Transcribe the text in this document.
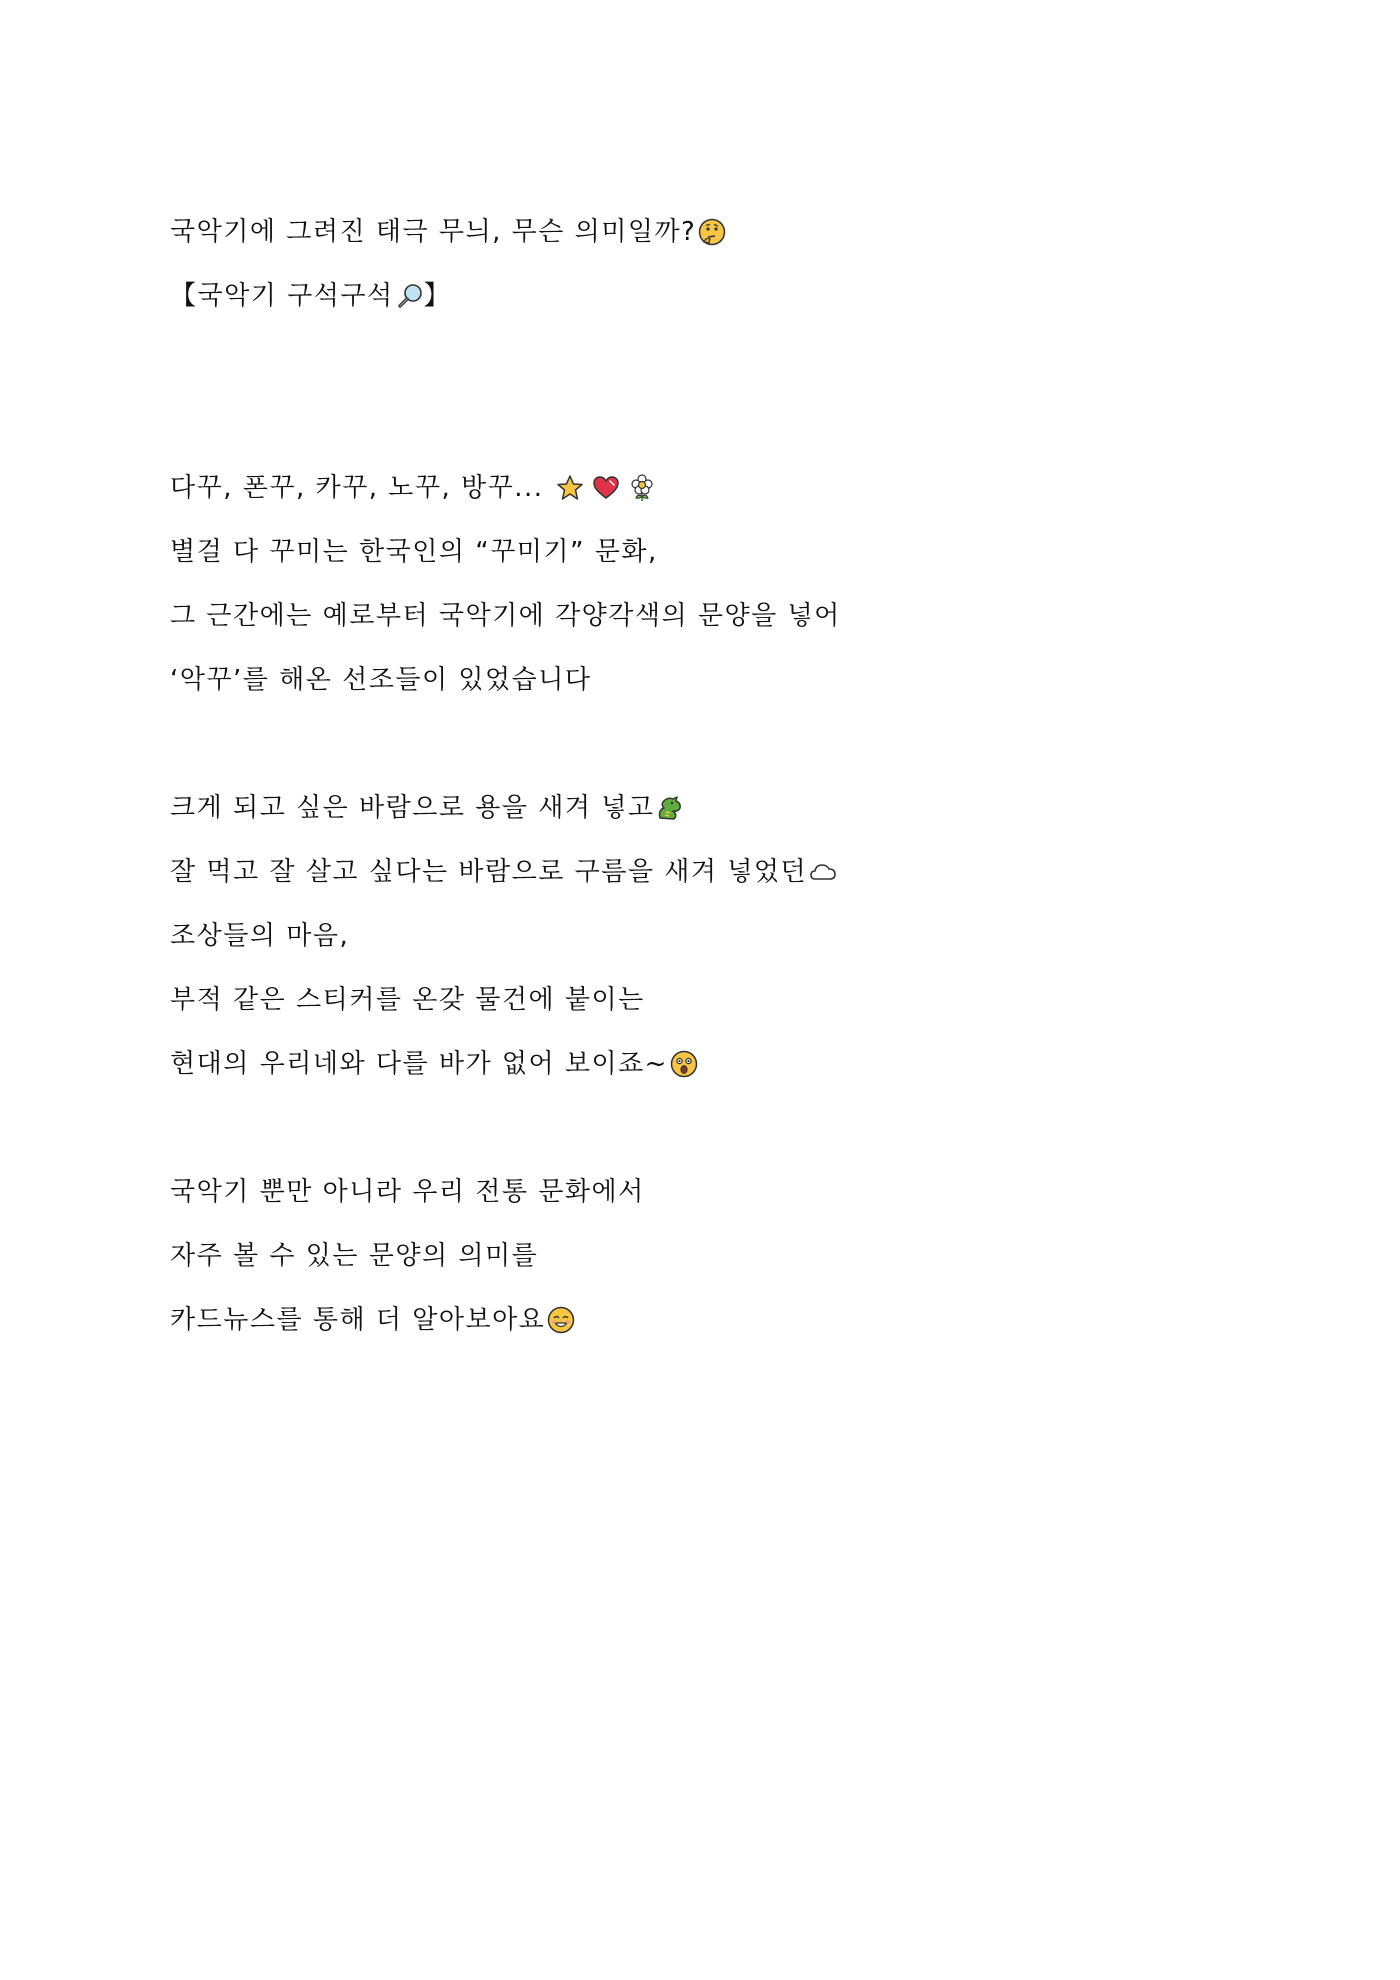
국악기에 그려진 태극 무늬, 무슨 의미일까?
【국악기 구석구석 】
다꾸, 폰꾸, 카꾸, 노꾸, 방꾸...
별걸 다 꾸미는 한국인의 “꾸미기” 문화,
그 근간에는 예로부터 국악기에 각양각색의 문양을 넣어
‘악꾸’를 해온 선조들이 있었습니다
크게 되고 싶은 바람으로 용을 새겨 넣고
잘 먹고 잘 살고 싶다는 바람으로 구름을 새겨 넣었던
조상들의 마음,
부적 같은 스티커를 온갖 물건에 붙이는
현대의 우리네와 다를 바가 없어 보이죠~
국악기 뿐만 아니라 우리 전통 문화에서
자주 볼 수 있는 문양의 의미를
카드뉴스를 통해 더 알아보아요
